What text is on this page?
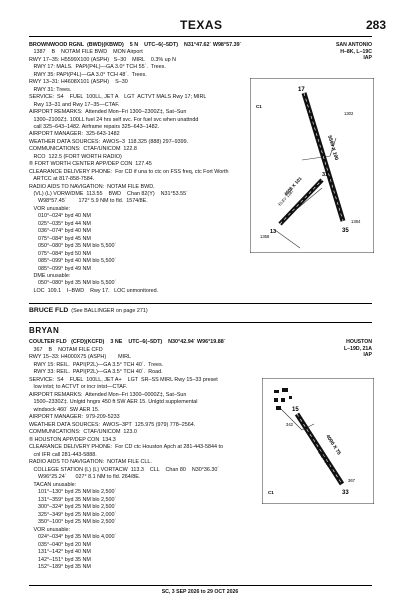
TEXAS	283
SAN ANTONIO
H–8K, L–19C
IAP
BROWNWOOD RGNL  (BWD)(KBWD)    5 N    UTC–6(–5DT)    N31°47.62´ W98°57.39´
1387    B    NOTAM FILE BWD    MON Airport
RWY 17–35: H5599X100 (ASPH)   S–30    MIRL    0.3% up N
RWY 17: MALS.  PAPI(P4L)—GA 3.0° TCH 55´.  Trees.
RWY 35: PAPI(P4L)—GA 3.0° TCH 48´.  Trees.
RWY 13–31: H4608X101 (ASPH)    S–30
RWY 31: Trees.
SERVICE:  S4    FUEL  100LL, JET A    LGT  ACTVT MALS Rwy 17; MIRL
Rwy 13–31 and Rwy 17–35—CTAF.
AIRPORT REMARKS:  Attended Mon–Fri 1300–2300Z‡, Sat–Sun
1300–2100Z‡. 100LL fuel 24 hrs self svc. For fuel svc when unattndd
call 325–643–1482. Airframe repairs 325–643–1482.
AIRPORT MANAGER:  325-643-1482
WEATHER DATA SOURCES:  AWOS–3  118.325 (888) 297–9399.
COMMUNICATIONS:  CTAF/UNICOM  122.8
RCO  122.5 (FORT WORTH RADIO)
® FORT WORTH CENTER APP/DEP CON  127.45
CLEARANCE DELIVERY PHONE:  For CD if una to ctc on FSS freq, ctc Fort Worth
ARTCC at 817-858-7584.
RADIO AIDS TO NAVIGATION:  NOTAM FILE BWD.
(VL) (L) VORW/DME  113.55    BWD    Chan 82(Y)    N31°53.55´
W98°57.45´        172° 5.9 NM to fld.  1574/8E.
VOR unusable:
010°–024° byd 40 NM
025°–035° byd 44 NM
036°–074° byd 40 NM
075°–084° byd 45 NM
050°–080° byd 35 NM blo 5,500´
075°–084° byd 50 NM
085°–099° byd 40 NM blo 5,500´
085°–099° byd 49 NM
DME unusable:
050°–080° byd 35 NM blo 5,500´
LOC  109.1    I–BWD    Rwy 17.   LOC unmonitored.
17
35
31
13
5599 X 100
4608 X 101
ELEV 1387
1302
1384
1358
C1
BRUCE FLD (See BALLINGER on page 271)
BRYAN
HOUSTON
L–19D, 21A
IAP
COULTER FLD   (CFD)(KCFD)    3 NE    UTC–6(–5DT)    N30°42.94´ W96°19.88´
367    B    NOTAM FILE CFD
RWY 15–33: H4000X75 (ASPH)        MIRL
RWY 15: REIL.  PAPI(P2L)—GA 3.5° TCH 40´.  Trees.
RWY 33: REIL.  PAPI(P2L)—GA 3.5° TCH 40´.  Road.
SERVICE:  S4    FUEL  100LL, JET A+    LGT  SR–SS MIRL Rwy 15–33 preset
low intst; to ACTVT or incr intst—CTAF.
AIRPORT REMARKS:  Attended Mon–Fri 1300–0000Z‡, Sat–Sun
1500–2330Z‡. Unlgtd hngrs 450 ft SW AER 15. Unlgtd supplemental
windsock 460´ SW AER 15.
AIRPORT MANAGER:  979-209-5233
WEATHER DATA SOURCES:  AWOS–3PT  125.975 (979) 778–2564.
COMMUNICATIONS:  CTAF/UNICOM  123.0
® HOUSTON APP/DEP CON  134.3
CLEARANCE DELIVERY PHONE:  For CD ctc Houston Apch at 281-443-5844 to
cnl IFR call 281-443-5888.
RADIO AIDS TO NAVIGATION:  NOTAM FILE CLL.
COLLEGE STATION (L) (L) VORTACW  113.3    CLL    Chan 80    N30°36.30´
W96°25.24´      027° 8.1 NM to fld. 264/8E.
TACAN unusable:
101°–130° byd 25 NM blo 2,500´
131°–359° byd 35 NM blo 2,500´
300°–324° byd 25 NM blo 2,500´
325°–349° byd 25 NM blo 2,000´
350°–100° byd 25 NM blo 2,500´
VOR unusable:
024°–034° byd 35 NM blo 4,000´
035°–040° byd 20 NM
131°–142° byd 40 NM
142°–151° byd 35 NM
152°–189° byd 35 NM
15
33
4000 X 75
ELEV 367
342
367
C1
SC, 3 SEP 2026 to 29 OCT 2026
